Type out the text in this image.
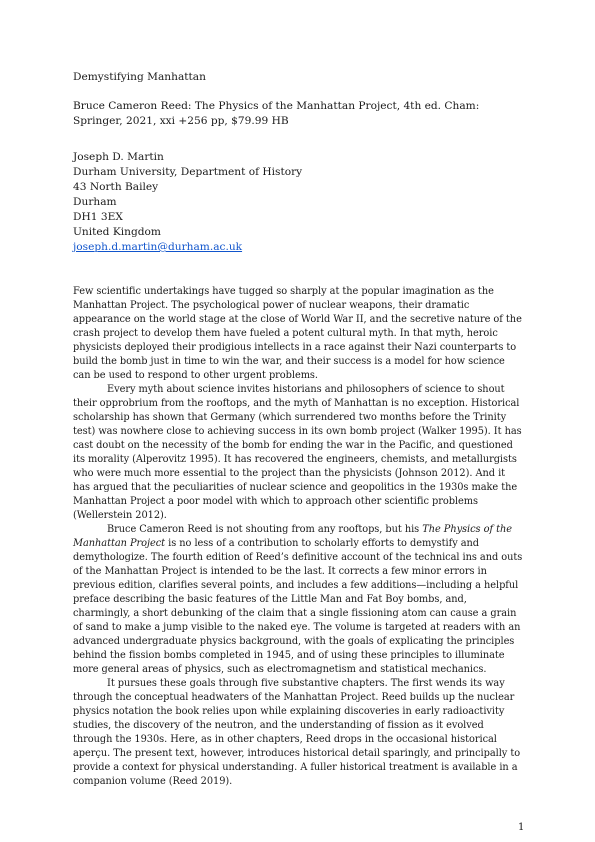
Demystifying Manhattan
Bruce Cameron Reed: The Physics of the Manhattan Project, 4th ed. Cham: Springer, 2021, xxi +256 pp, $79.99 HB
Joseph D. Martin
Durham University, Department of History
43 North Bailey
Durham
DH1 3EX
United Kingdom
joseph.d.martin@durham.ac.uk

Few scientific undertakings have tugged so sharply at the popular imagination as the Manhattan Project. The psychological power of nuclear weapons, their dramatic appearance on the world stage at the close of World War II, and the secretive nature of the crash project to develop them have fueled a potent cultural myth. In that myth, heroic physicists deployed their prodigious intellects in a race against their Nazi counterparts to build the bomb just in time to win the war, and their success is a model for how science can be used to respond to other urgent problems.

Every myth about science invites historians and philosophers of science to shout their opprobrium from the rooftops, and the myth of Manhattan is no exception. Historical scholarship has shown that Germany (which surrendered two months before the Trinity test) was nowhere close to achieving success in its own bomb project (Walker 1995). It has cast doubt on the necessity of the bomb for ending the war in the Pacific, and questioned its morality (Alperovitz 1995). It has recovered the engineers, chemists, and metallurgists who were much more essential to the project than the physicists (Johnson 2012). And it has argued that the peculiarities of nuclear science and geopolitics in the 1930s make the Manhattan Project a poor model with which to approach other scientific problems (Wellerstein 2012).

Bruce Cameron Reed is not shouting from any rooftops, but his The Physics of the Manhattan Project is no less of a contribution to scholarly efforts to demystify and demythologize. The fourth edition of Reed’s definitive account of the technical ins and outs of the Manhattan Project is intended to be the last. It corrects a few minor errors in previous edition, clarifies several points, and includes a few additions—including a helpful preface describing the basic features of the Little Man and Fat Boy bombs, and, charmingly, a short debunking of the claim that a single fissioning atom can cause a grain of sand to make a jump visible to the naked eye. The volume is targeted at readers with an advanced undergraduate physics background, with the goals of explicating the principles behind the fission bombs completed in 1945, and of using these principles to illuminate more general areas of physics, such as electromagnetism and statistical mechanics.

It pursues these goals through five substantive chapters. The first wends its way through the conceptual headwaters of the Manhattan Project. Reed builds up the nuclear physics notation the book relies upon while explaining discoveries in early radioactivity studies, the discovery of the neutron, and the understanding of fission as it evolved through the 1930s. Here, as in other chapters, Reed drops in the occasional historical aperçu. The present text, however, introduces historical detail sparingly, and principally to provide a context for physical understanding. A fuller historical treatment is available in a companion volume (Reed 2019).

1
